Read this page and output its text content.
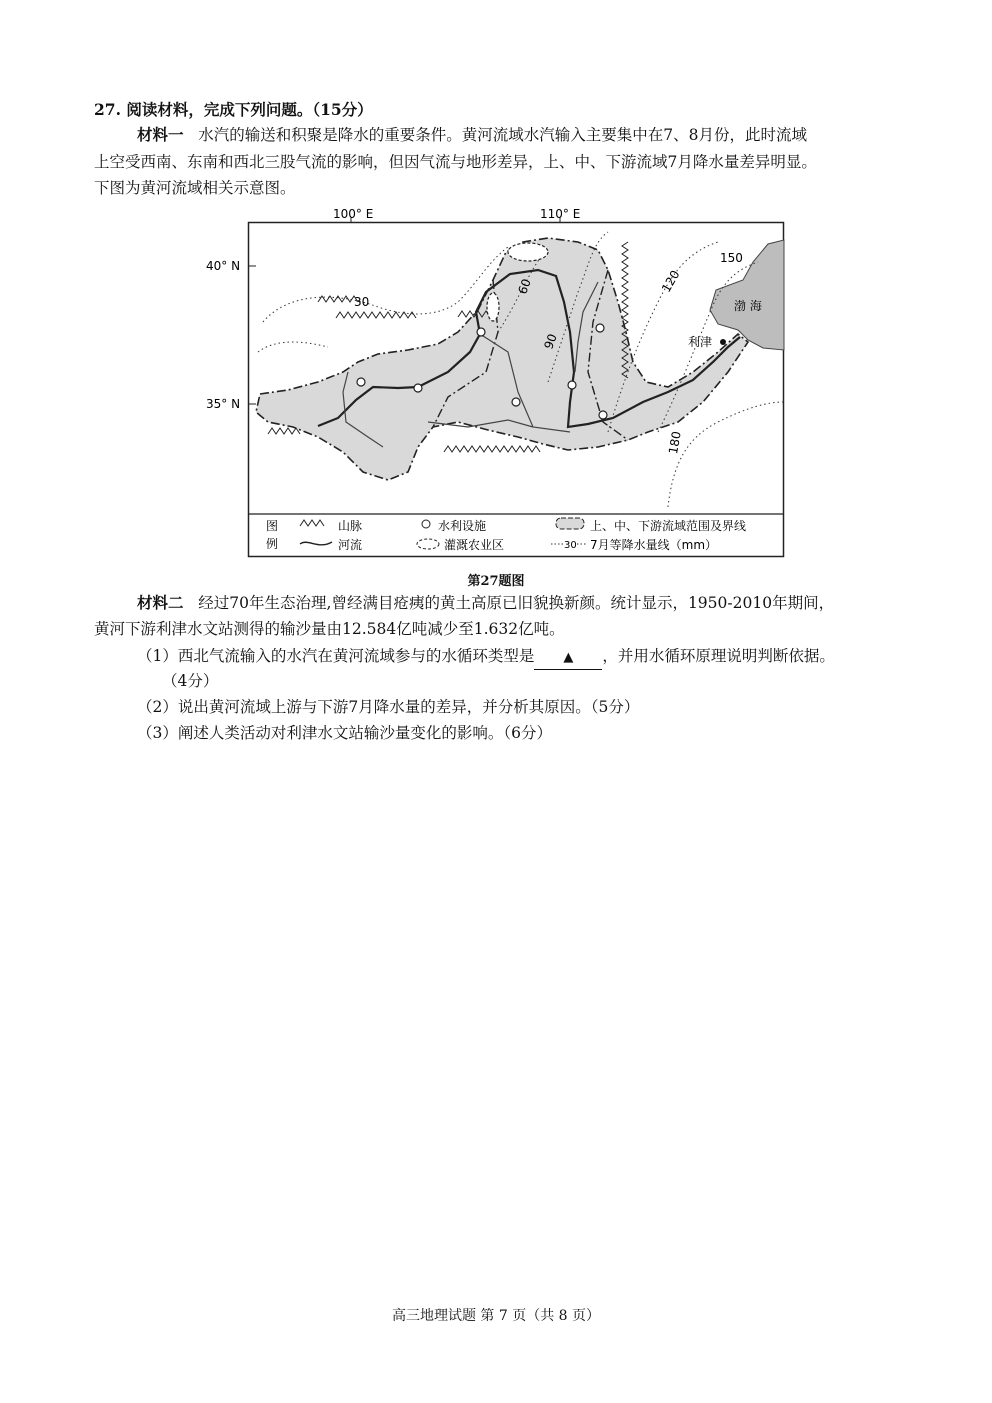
27. 阅读材料，完成下列问题。（15分）
材料一 水汽的输送和积聚是降水的重要条件。黄河流域水汽输入主要集中在7、8月份，此时流域
上空受西南、东南和西北三股气流的影响，但因气流与地形差异，上、中、下游流域7月降水量差异明显。
下图为黄河流域相关示意图。
100° E	110° E
40° N
35° N
渤 海
30
60
90
120
150
180
利津
图
例
山脉	水利设施	上、中、下游流域范围及界线
河流	灌溉农业区	30 7月等降水量线（mm）
第27题图
材料二 经过70年生态治理,曾经满目疮痍的黄土高原已旧貌换新颜。统计显示，1950-2010年期间，
黄河下游利津水文站测得的输沙量由12.584亿吨减少至1.632亿吨。
（1）西北气流输入的水汽在黄河流域参与的水循环类型是 ▲ ，并用水循环原理说明判断依据。
（4分）
（2）说出黄河流域上游与下游7月降水量的差异，并分析其原因。（5分）
（3）阐述人类活动对利津水文站输沙量变化的影响。（6分）
高三地理试题 第 7 页（共 8 页）
